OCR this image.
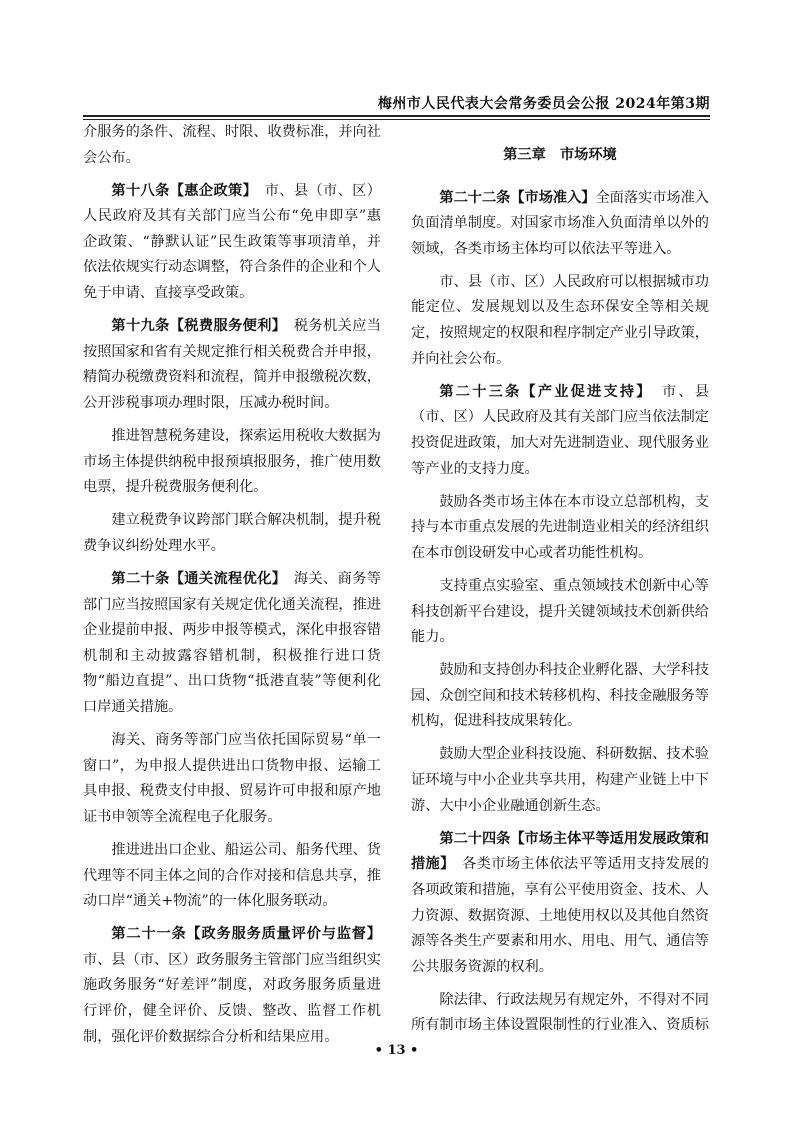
梅州市人民代表大会常务委员会公报 2024年第3期

介服务的条件、流程、时限、收费标准，并向社会公布。

第十八条【惠企政策】　市、县（市、区）人民政府及其有关部门应当公布“免申即享”惠企政策、“静默认证”民生政策等事项清单，并依法依规实行动态调整，符合条件的企业和个人免于申请、直接享受政策。

第十九条【税费服务便利】　税务机关应当按照国家和省有关规定推行相关税费合并申报，精简办税缴费资料和流程，简并申报缴税次数，公开涉税事项办理时限，压减办税时间。

推进智慧税务建设，探索运用税收大数据为市场主体提供纳税申报预填报服务，推广使用数电票，提升税费服务便利化。

建立税费争议跨部门联合解决机制，提升税费争议纠纷处理水平。

第二十条【通关流程优化】　海关、商务等部门应当按照国家有关规定优化通关流程，推进企业提前申报、两步申报等模式，深化申报容错机制和主动披露容错机制，积极推行进口货物“船边直提”、出口货物“抵港直装”等便利化口岸通关措施。

海关、商务等部门应当依托国际贸易“单一窗口”，为申报人提供进出口货物申报、运输工具申报、税费支付申报、贸易许可申报和原产地证书申领等全流程电子化服务。

推进进出口企业、船运公司、船务代理、货代理等不同主体之间的合作对接和信息共享，推动口岸“通关+物流”的一体化服务联动。

第二十一条【政务服务质量评价与监督】市、县（市、区）政务服务主管部门应当组织实施政务服务“好差评”制度，对政务服务质量进行评价，健全评价、反馈、整改、监督工作机制，强化评价数据综合分析和结果应用。

第三章　市场环境

第二十二条【市场准入】全面落实市场准入负面清单制度。对国家市场准入负面清单以外的领域，各类市场主体均可以依法平等进入。

市、县（市、区）人民政府可以根据城市功能定位、发展规划以及生态环保安全等相关规定，按照规定的权限和程序制定产业引导政策，并向社会公布。

第二十三条【产业促进支持】　市、县（市、区）人民政府及其有关部门应当依法制定投资促进政策，加大对先进制造业、现代服务业等产业的支持力度。

鼓励各类市场主体在本市设立总部机构，支持与本市重点发展的先进制造业相关的经济组织在本市创设研发中心或者功能性机构。

支持重点实验室、重点领域技术创新中心等科技创新平台建设，提升关键领域技术创新供给能力。

鼓励和支持创办科技企业孵化器、大学科技园、众创空间和技术转移机构、科技金融服务等机构，促进科技成果转化。

鼓励大型企业科技设施、科研数据、技术验证环境与中小企业共享共用，构建产业链上中下游、大中小企业融通创新生态。

第二十四条【市场主体平等适用发展政策和措施】　各类市场主体依法平等适用支持发展的各项政策和措施，享有公平使用资金、技术、人力资源、数据资源、土地使用权以及其他自然资源等各类生产要素和用水、用电、用气、通信等公共服务资源的权利。

除法律、行政法规另有规定外，不得对不同所有制市场主体设置限制性的行业准入、资质标

• 13 •
